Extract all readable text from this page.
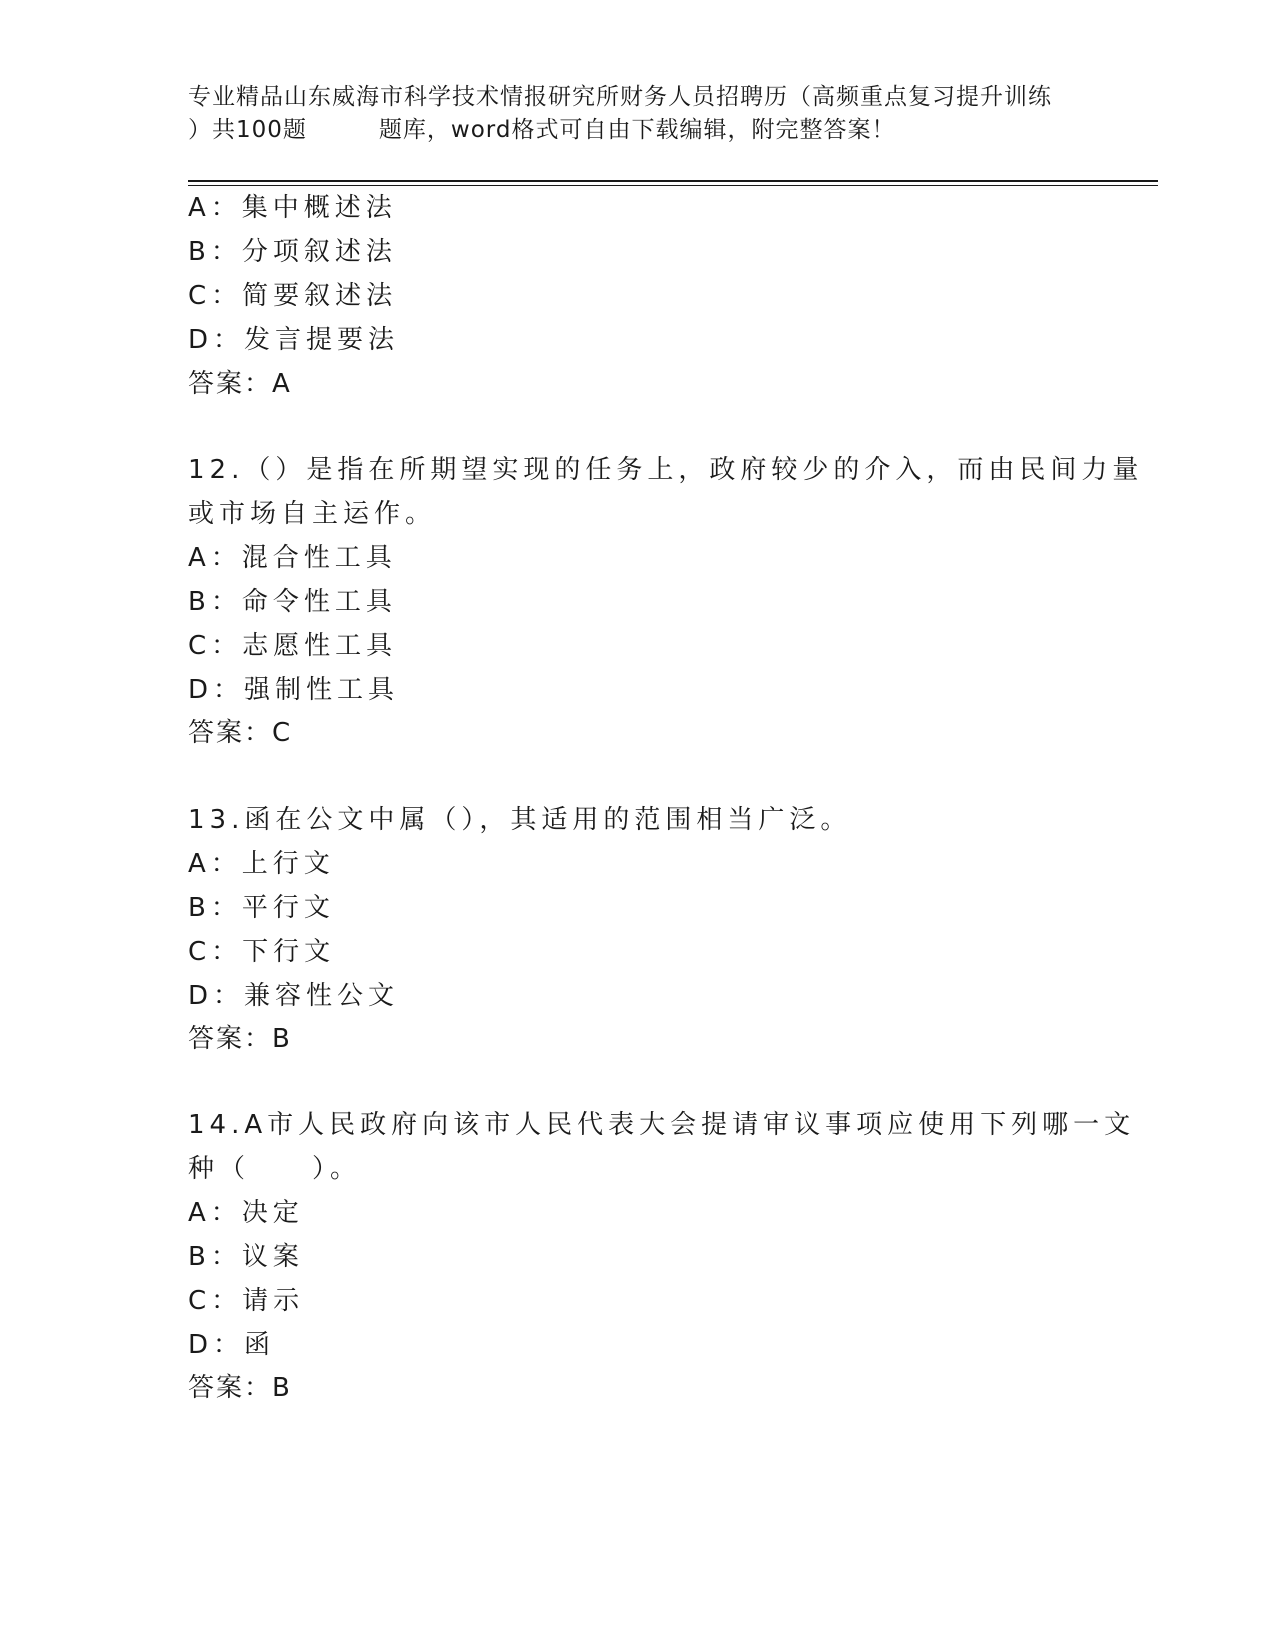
专业精品山东威海市科学技术情报研究所财务人员招聘历（高频重点复习提升训练
）共100题	题库，word格式可自由下载编辑，附完整答案！
A：集中概述法
B：分项叙述法
C：简要叙述法
D：发言提要法
答案：A
12.（）是指在所期望实现的任务上，政府较少的介入，而由民间力量
或市场自主运作。
A：混合性工具
B：命令性工具
C：志愿性工具
D：强制性工具
答案：C
13.函在公文中属（），其适用的范围相当广泛。
A：上行文
B：平行文
C：下行文
D：兼容性公文
答案：B
14.A市人民政府向该市人民代表大会提请审议事项应使用下列哪一文
种（　　）。
A：决定
B：议案
C：请示
D：函
答案：B
